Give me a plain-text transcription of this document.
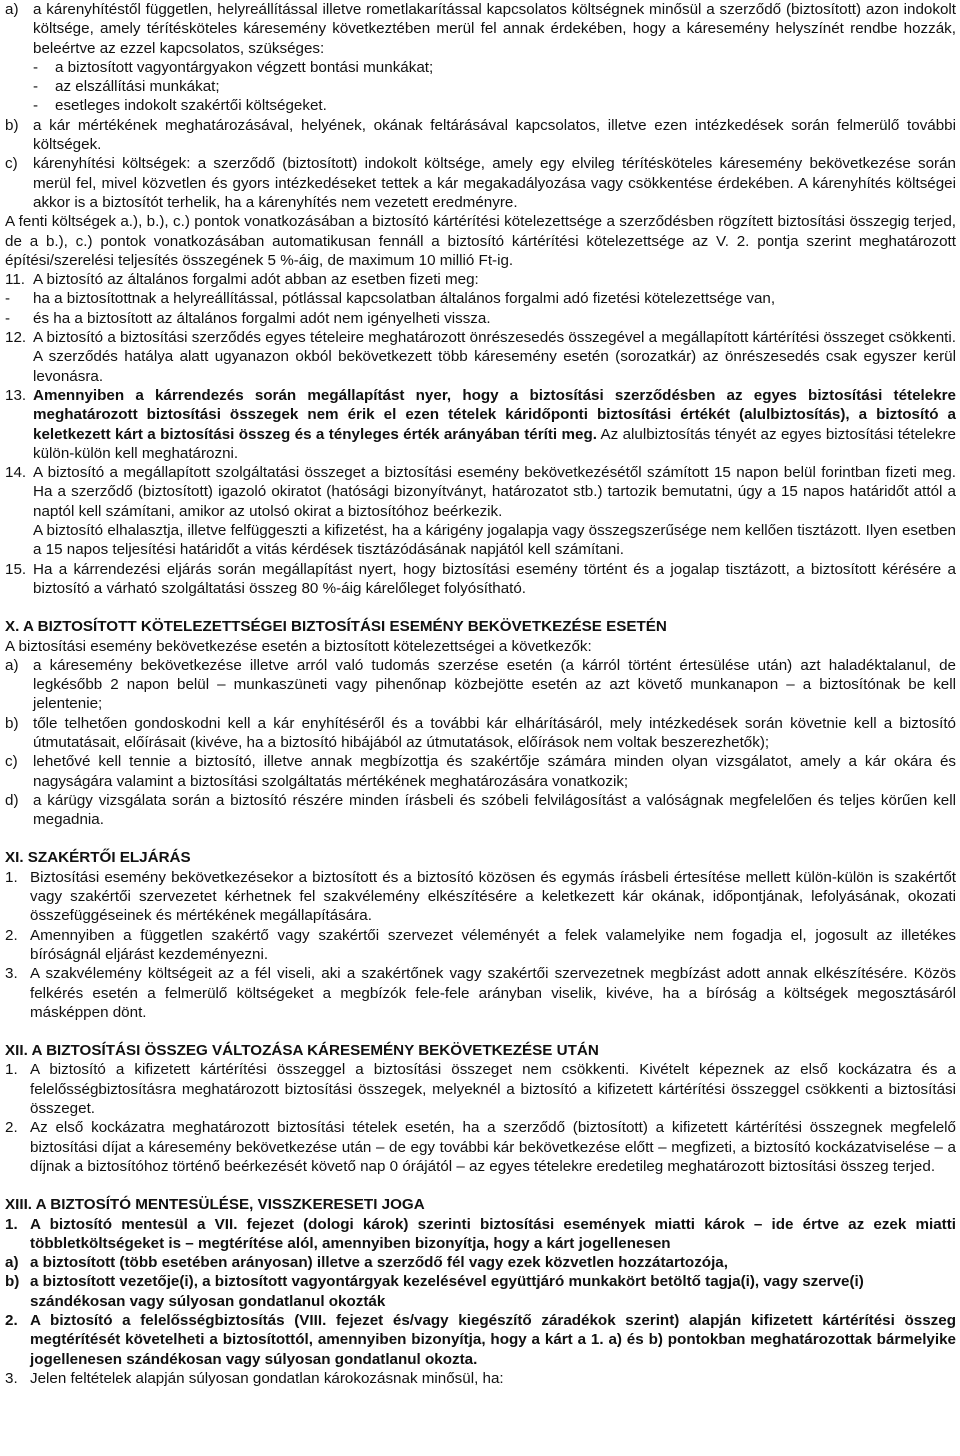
a) a kárenyhítéstől független, helyreállítással illetve rometlakarítással kapcsolatos költségnek minősül a szerződő (biztosított) azon indokolt költsége, amely térítésköteles káresemény következtében merül fel annak érdekében, hogy a káresemény helyszínét rendbe hozzák, beleértve az ezzel kapcsolatos, szükséges:
-	a biztosított vagyontárgyakon végzett bontási munkákat;
-	az elszállítási munkákat;
-	esetleges indokolt szakértői költségeket.
b) a kár mértékének meghatározásával, helyének, okának feltárásával kapcsolatos, illetve ezen intézkedések során felmerülő további költségek.
c)	kárenyhítési költségek: a szerződő (biztosított) indokolt költsége, amely egy elvileg térítésköteles káresemény bekövetkezése során merül fel, mivel közvetlen és gyors intézkedéseket tettek a kár megakadályozása vagy csökkentése érdekében. A kárenyhítés költségei akkor is a biztosítót terhelik, ha a kárenyhítés nem vezetett eredményre.

A fenti költségek a.), b.), c.) pontok vonatkozásában a biztosító kártérítési kötelezettsége a szerződésben rögzített biztosítási összegig terjed, de a b.), c.) pontok vonatkozásában automatikusan fennáll a biztosító kártérítési kötelezettsége az V. 2. pontja szerint meghatározott építési/szerelési teljesítés összegének 5 %-áig, de maximum 10 millió Ft-ig.

11. A biztosító az általános forgalmi adót abban az esetben fizeti meg:
-	ha a biztosítottnak a helyreállítással, pótlással kapcsolatban általános forgalmi adó fizetési kötelezettsége van,
-	és ha a biztosított az általános forgalmi adót nem igényelheti vissza.
12. A biztosító a biztosítási szerződés egyes tételeire meghatározott önrészesedés összegével a megállapított kártérítési összeget csökkenti. A szerződés hatálya alatt ugyanazon okból bekövetkezett több káresemény esetén (sorozatkár) az önrészesedés csak egyszer kerül levonásra.
13. Amennyiben a kárrendezés során megállapítást nyer, hogy a biztosítási szerződésben az egyes biztosítási tételekre meghatározott biztosítási összegek nem érik el ezen tételek káridőponti biztosítási értékét (alulbiztosítás), a biztosító a keletkezett kárt a biztosítási összeg és a tényleges érték arányában téríti meg. Az alulbiztosítás tényét az egyes biztosítási tételekre külön-külön kell meghatározni.
14. A biztosító a megállapított szolgáltatási összeget a biztosítási esemény bekövetkezésétől számított 15 napon belül forintban fizeti meg. Ha a szerződő (biztosított) igazoló okiratot (hatósági bizonyítványt, határozatot stb.) tartozik bemutatni, úgy a 15 napos határidőt attól a naptól kell számítani, amikor az utolsó okirat a biztosítóhoz beérkezik.

A biztosító elhalasztja, illetve felfüggeszti a kifizetést, ha a kárigény jogalapja vagy összegszerűsége nem kellően tisztázott. Ilyen esetben a 15 napos teljesítési határidőt a vitás kérdések tisztázódásának napjától kell számítani.

15. Ha a kárrendezési eljárás során megállapítást nyert, hogy biztosítási esemény történt és a jogalap tisztázott, a biztosított kérésére a biztosító a várható szolgáltatási összeg 80 %-áig kárelőleget folyósítható.
X. A BIZTOSÍTOTT KÖTELEZETTSÉGEI BIZTOSÍTÁSI ESEMÉNY BEKÖVETKEZÉSE ESETÉN

A biztosítási esemény bekövetkezése esetén a biztosított kötelezettségei a következők:

a) a káresemény bekövetkezése illetve arról való tudomás szerzése esetén (a kárról történt értesülése után) azt haladéktalanul, de legkésőbb 2 napon belül – munkaszüneti vagy pihenőnap közbejötte esetén az azt követő munkanapon – a biztosítónak be kell jelentenie;
b) tőle telhetően gondoskodni kell a kár enyhítéséről és a további kár elhárításáról, mely intézkedések során követnie kell a biztosító útmutatásait, előírásait (kivéve, ha a biztosító hibájából az útmutatások, előírások nem voltak beszerezhetők);
c)	lehetővé kell tennie a biztosító, illetve annak megbízottja és szakértője számára minden olyan vizsgálatot, amely a kár okára és nagyságára valamint a biztosítási szolgáltatás mértékének meghatározására vonatkozik;
d) a kárügy vizsgálata során a biztosító részére minden írásbeli és szóbeli felvilágosítást a valóságnak megfelelően és teljes körűen kell megadnia.
XI. SZAKÉRTŐI ELJÁRÁS
1. Biztosítási esemény bekövetkezésekor a biztosított és a biztosító közösen és egymás írásbeli értesítése mellett külön-külön is szakértőt vagy szakértői szervezetet kérhetnek fel szakvélemény elkészítésére a keletkezett kár okának, időpontjának, lefolyásának, okozati összefüggéseinek és mértékének megállapítására.
2. Amennyiben a független szakértő vagy szakértői szervezet véleményét a felek valamelyike nem fogadja el, jogosult az illetékes bíróságnál eljárást kezdeményezni.
3. A szakvélemény költségeit az a fél viseli, aki a szakértőnek vagy szakértői szervezetnek megbízást adott annak elkészítésére. Közös felkérés esetén a felmerülő költségeket a megbízók fele-fele arányban viselik, kivéve, ha a bíróság a költségek megosztásáról másképpen dönt.
XII. A BIZTOSÍTÁSI ÖSSZEG VÁLTOZÁSA KÁRESEMÉNY BEKÖVETKEZÉSE UTÁN
1. A biztosító a kifizetett kártérítési összeggel a biztosítási összeget nem csökkenti. Kivételt képeznek az első kockázatra és a felelősségbiztosításra meghatározott biztosítási összegek, melyeknél a biztosító a kifizetett kártérítési összeggel csökkenti a biztosítási összeget.
2. Az első kockázatra meghatározott biztosítási tételek esetén, ha a szerződő (biztosított) a kifizetett kártérítési összegnek megfelelő biztosítási díjat a káresemény bekövetkezése után – de egy további kár bekövetkezése előtt – megfizeti, a biztosító kockázatviselése – a díjnak a biztosítóhoz történő beérkezését követő nap 0 órájától – az egyes tételekre eredetileg meghatározott biztosítási összeg terjed.
XIII. A BIZTOSÍTÓ MENTESÜLÉSE, VISSZKERESETI JOGA
1. A biztosító mentesül a VII. fejezet (dologi károk) szerinti biztosítási események miatti károk – ide értve az ezek miatti többletköltségeket is – megtérítése alól, amennyiben bizonyítja, hogy a kárt jogellenesen
a) a biztosított (több esetében arányosan) illetve a szerződő fél vagy ezek közvetlen hozzátartozója,
b) a biztosított vezetője(i), a biztosított vagyontárgyak kezelésével együttjáró munkakört betöltő tagja(i), vagy szerve(i)

szándékosan vagy súlyosan gondatlanul okozták

2. A biztosító a felelősségbiztosítás (VIII. fejezet és/vagy kiegészítő záradékok szerint) alapján kifizetett kártérítési összeg megtérítését követelheti a biztosítottól, amennyiben bizonyítja, hogy a kárt a 1. a) és b) pontokban meghatározottak bármelyike jogellenesen szándékosan vagy súlyosan gondatlanul okozta.
3. Jelen feltételek alapján súlyosan gondatlan károkozásnak minősül, ha:
